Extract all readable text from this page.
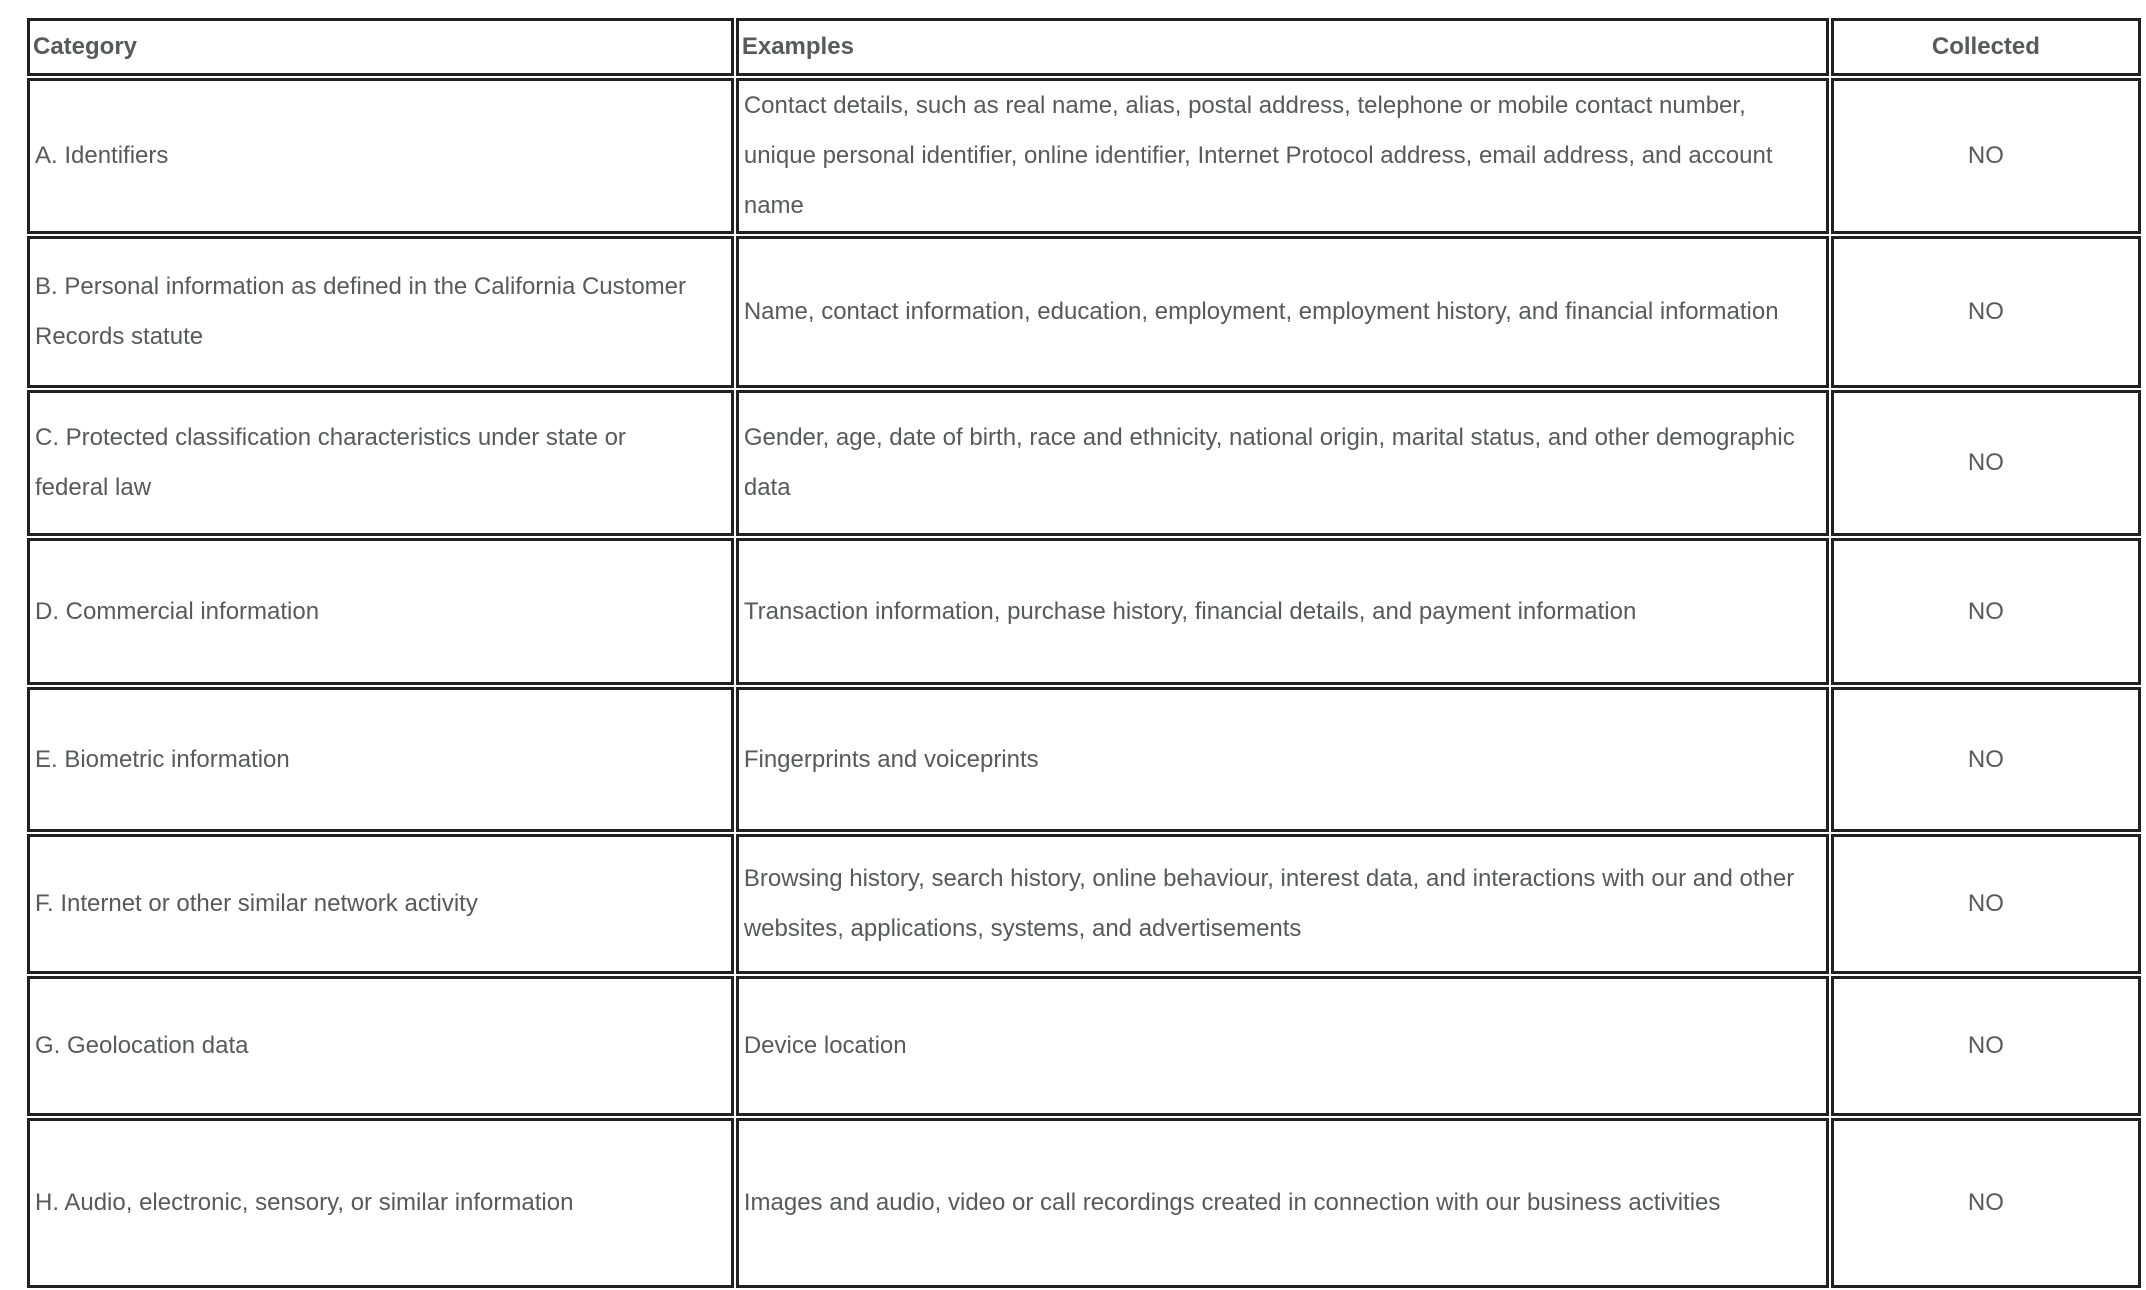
Category	Examples	Collected
A. Identifiers	Contact details, such as real name, alias, postal address, telephone or mobile contact number, unique personal identifier, online identifier, Internet Protocol address, email address, and account name	NO
B. Personal information as defined in the California Customer Records statute	Name, contact information, education, employment, employment history, and financial information	NO
C. Protected classification characteristics under state or federal law	Gender, age, date of birth, race and ethnicity, national origin, marital status, and other demographic data	NO
D. Commercial information	Transaction information, purchase history, financial details, and payment information	NO
E. Biometric information	Fingerprints and voiceprints	NO
F. Internet or other similar network activity	Browsing history, search history, online behaviour, interest data, and interactions with our and other websites, applications, systems, and advertisements	NO
G. Geolocation data	Device location	NO
H. Audio, electronic, sensory, or similar information	Images and audio, video or call recordings created in connection with our business activities	NO
